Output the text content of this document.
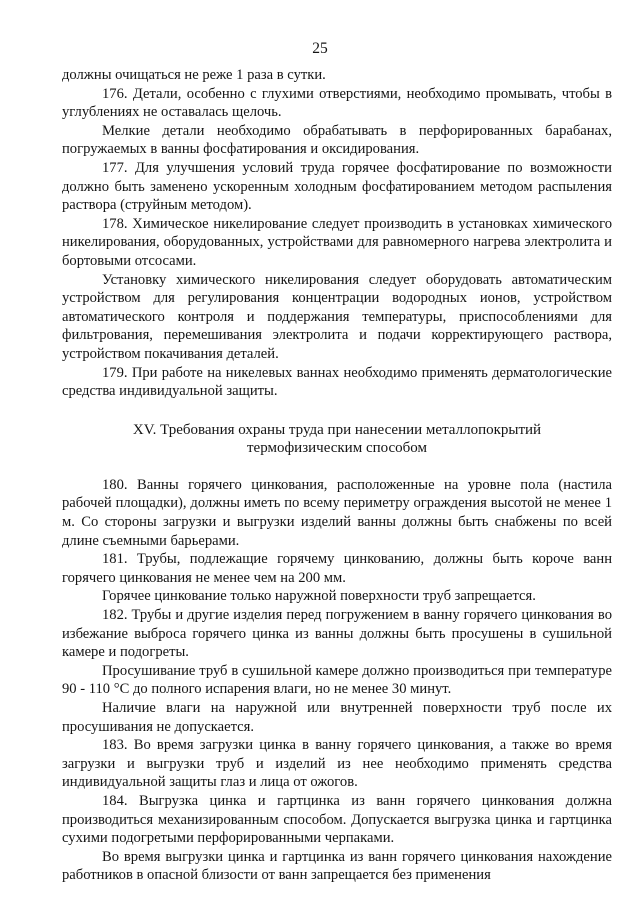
25

должны очищаться не реже 1 раза в сутки.

176. Детали, особенно с глухими отверстиями, необходимо промывать, чтобы в углублениях не оставалась щелочь.

Мелкие детали необходимо обрабатывать в перфорированных барабанах, погружаемых в ванны фосфатирования и оксидирования.

177. Для улучшения условий труда горячее фосфатирование по возможности должно быть заменено ускоренным холодным фосфатированием методом распыления раствора (струйным методом).

178. Химическое никелирование следует производить в установках химического никелирования, оборудованных, устройствами для равномерного нагрева электролита и бортовыми отсосами.

Установку химического никелирования следует оборудовать автоматическим устройством для регулирования концентрации водородных ионов, устройством автоматического контроля и поддержания температуры, приспособлениями для фильтрования, перемешивания электролита и подачи корректирующего раствора, устройством покачивания деталей.

179. При работе на никелевых ваннах необходимо применять дерматологические средства индивидуальной защиты.

XV. Требования охраны труда при нанесении металлопокрытий термофизическим способом

180. Ванны горячего цинкования, расположенные на уровне пола (настила рабочей площадки), должны иметь по всему периметру ограждения высотой не менее 1 м. Со стороны загрузки и выгрузки изделий ванны должны быть снабжены по всей длине съемными барьерами.

181. Трубы, подлежащие горячему цинкованию, должны быть короче ванн горячего цинкования не менее чем на 200 мм.

Горячее цинкование только наружной поверхности труб запрещается.

182. Трубы и другие изделия перед погружением в ванну горячего цинкования во избежание выброса горячего цинка из ванны должны быть просушены в сушильной камере и подогреты.

Просушивание труб в сушильной камере должно производиться при температуре 90 - 110 °С до полного испарения влаги, но не менее 30 минут.

Наличие влаги на наружной или внутренней поверхности труб после их просушивания не допускается.

183. Во время загрузки цинка в ванну горячего цинкования, а также во время загрузки и выгрузки труб и изделий из нее необходимо применять средства индивидуальной защиты глаз и лица от ожогов.

184. Выгрузка цинка и гартцинка из ванн горячего цинкования должна производиться механизированным способом. Допускается выгрузка цинка и гартцинка сухими подогретыми перфорированными черпаками.

Во время выгрузки цинка и гартцинка из ванн горячего цинкования нахождение работников в опасной близости от ванн запрещается без применения
